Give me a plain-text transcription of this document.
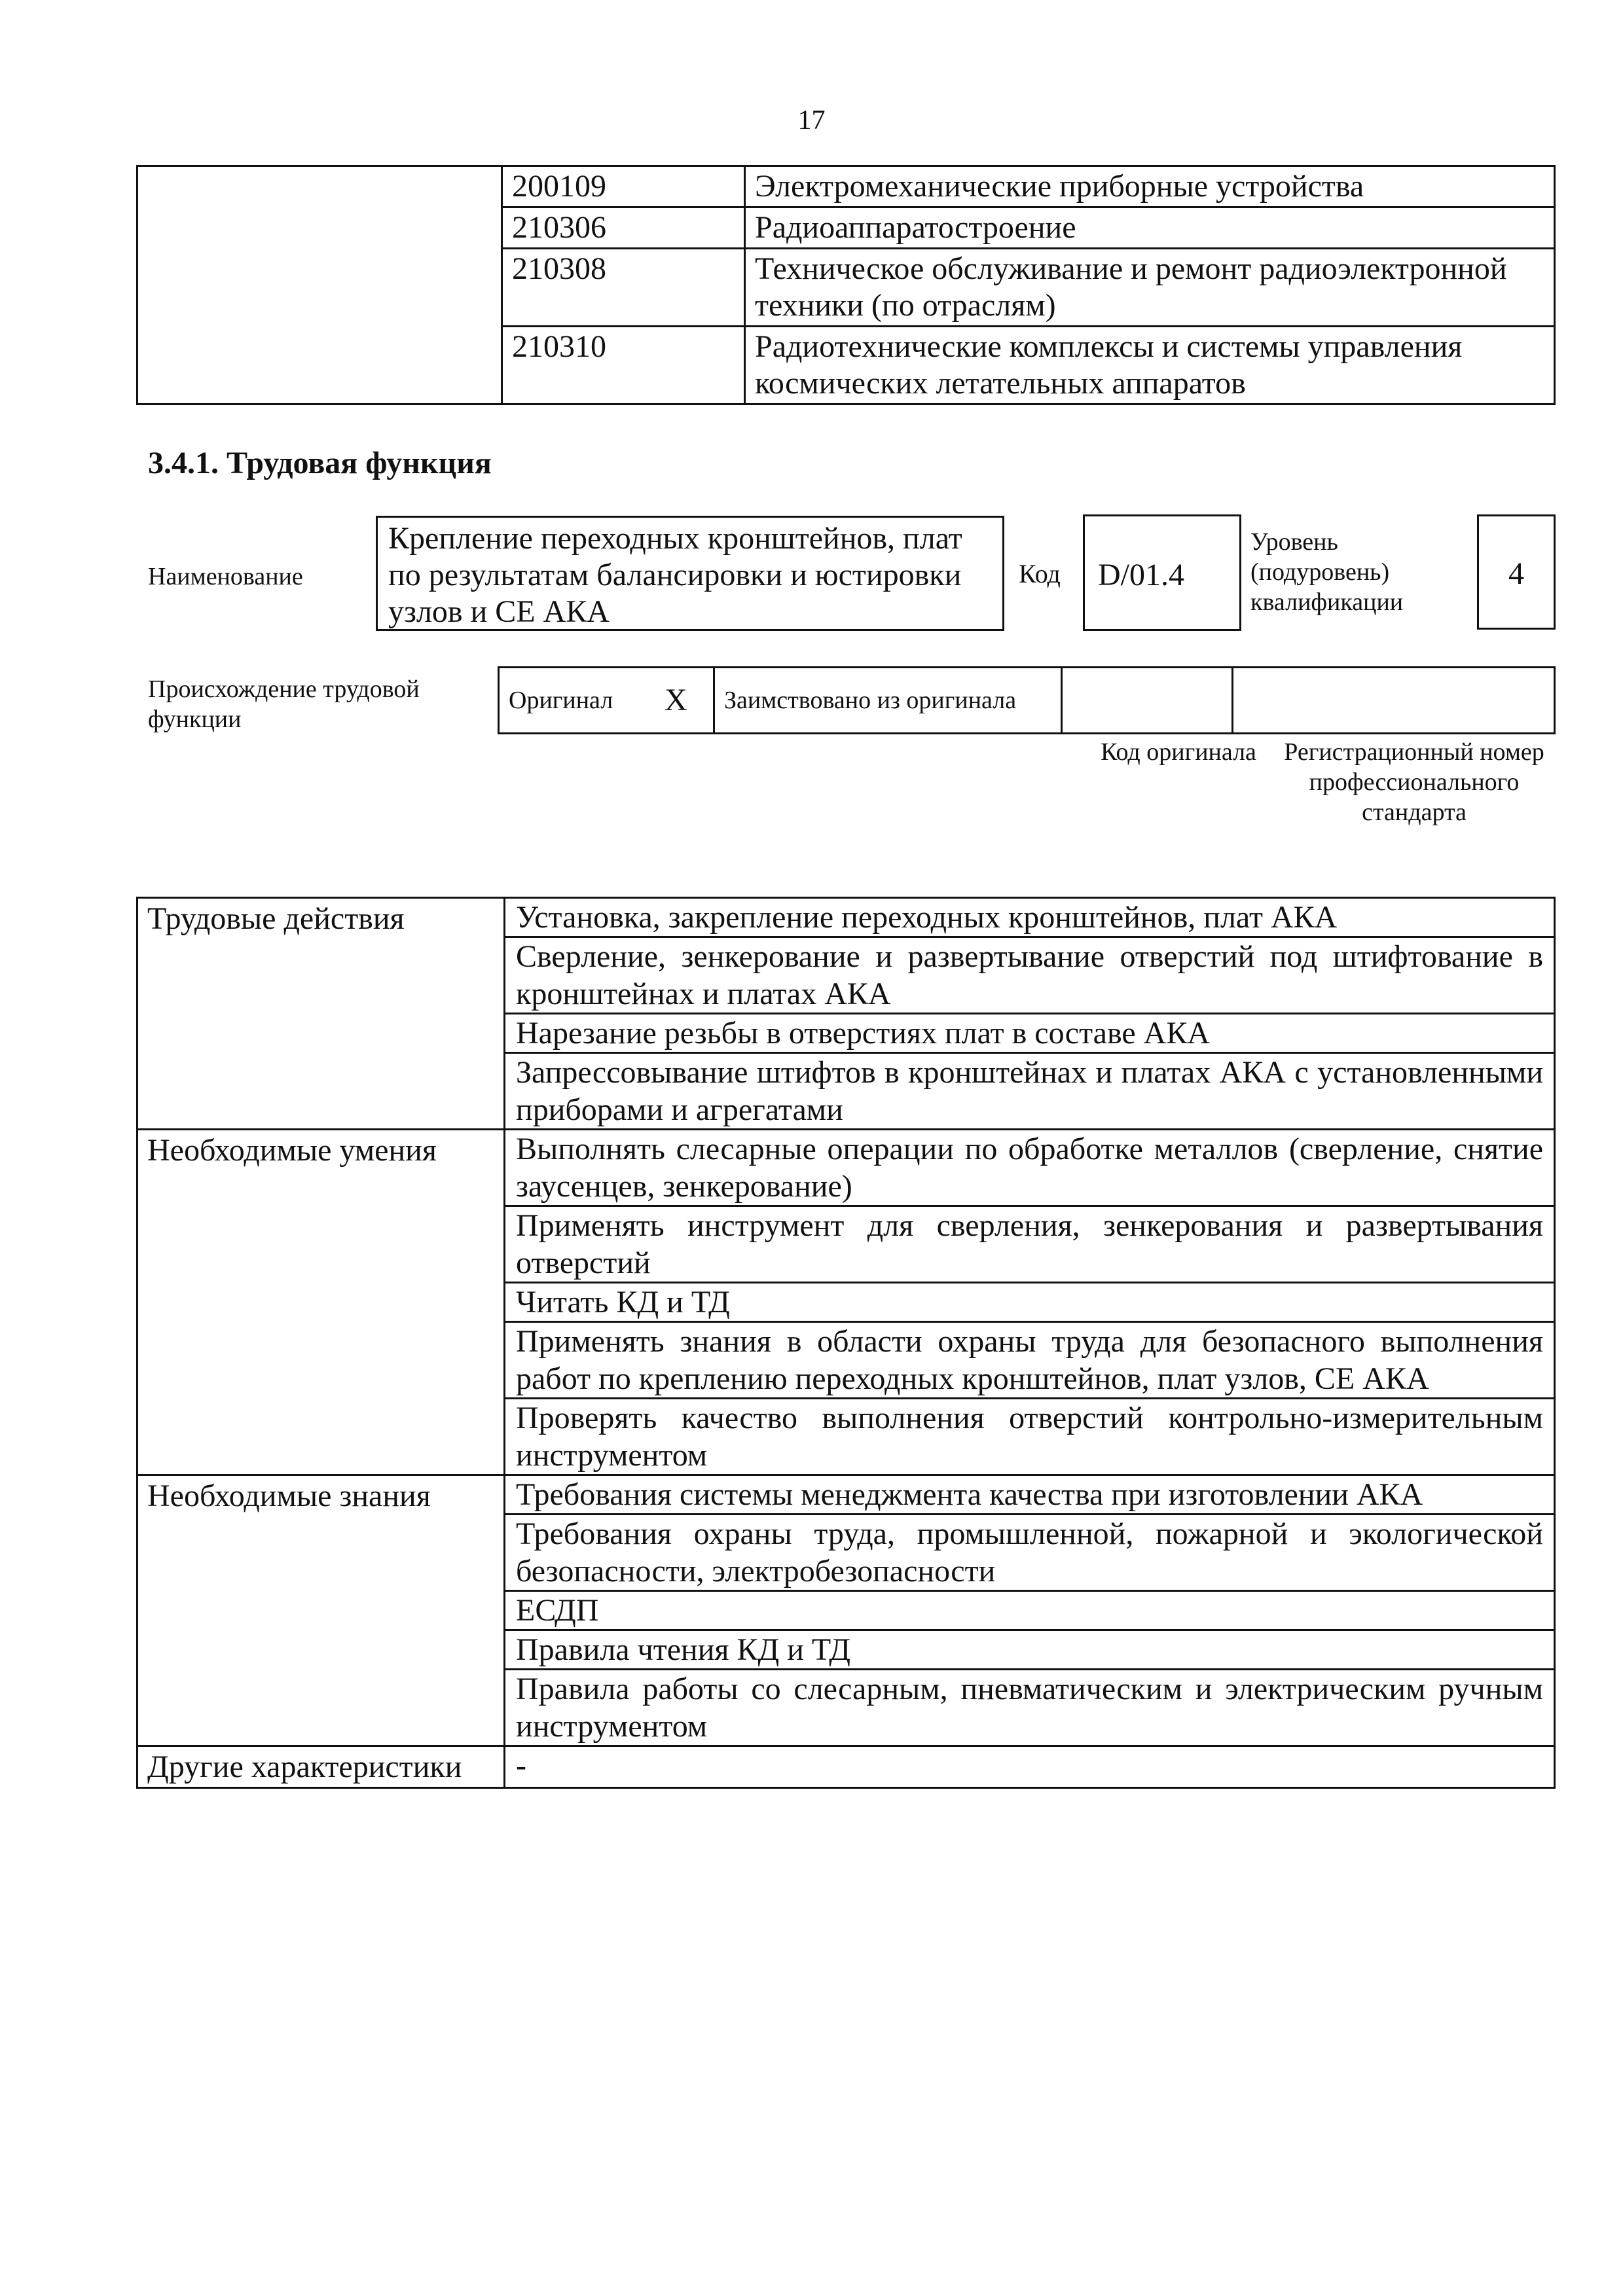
17
	200109	Электромеханические приборные устройства
	210306	Радиоаппаратостроение
	210308	Техническое обслуживание и ремонт радиоэлектронной техники (по отраслям)
	210310	Радиотехнические комплексы и системы управления космических летательных аппаратов
3.4.1. Трудовая функция
Наименование
Крепление переходных кронштейнов, плат по результатам балансировки и юстировки узлов и СЕ АКА
Код	D/01.4
Уровень (подуровень) квалификации
4
Происхождение трудовой функции
Оригинал	X	Заимствовано из оригинала		
Код оригинала Регистрационный номер профессионального стандарта
Трудовые действия	Установка, закрепление переходных кронштейнов, плат АКА
	Сверление, зенкерование и развертывание отверстий под штифтование в кронштейнах и платах АКА
	Нарезание резьбы в отверстиях плат в составе АКА
	Запрессовывание штифтов в кронштейнах и платах АКА с установленными приборами и агрегатами
Необходимые умения	Выполнять слесарные операции по обработке металлов (сверление, снятие заусенцев, зенкерование)
	Применять инструмент для сверления, зенкерования и развертывания отверстий
	Читать КД и ТД
	Применять знания в области охраны труда для безопасного выполнения работ по креплению переходных кронштейнов, плат узлов, СЕ АКА
	Проверять качество выполнения отверстий контрольно-измерительным инструментом
Необходимые знания	Требования системы менеджмента качества при изготовлении АКА
	Требования охраны труда, промышленной, пожарной и экологической безопасности, электробезопасности
	ЕСДП
	Правила чтения КД и ТД
	Правила работы со слесарным, пневматическим и электрическим ручным инструментом
Другие характеристики	-
